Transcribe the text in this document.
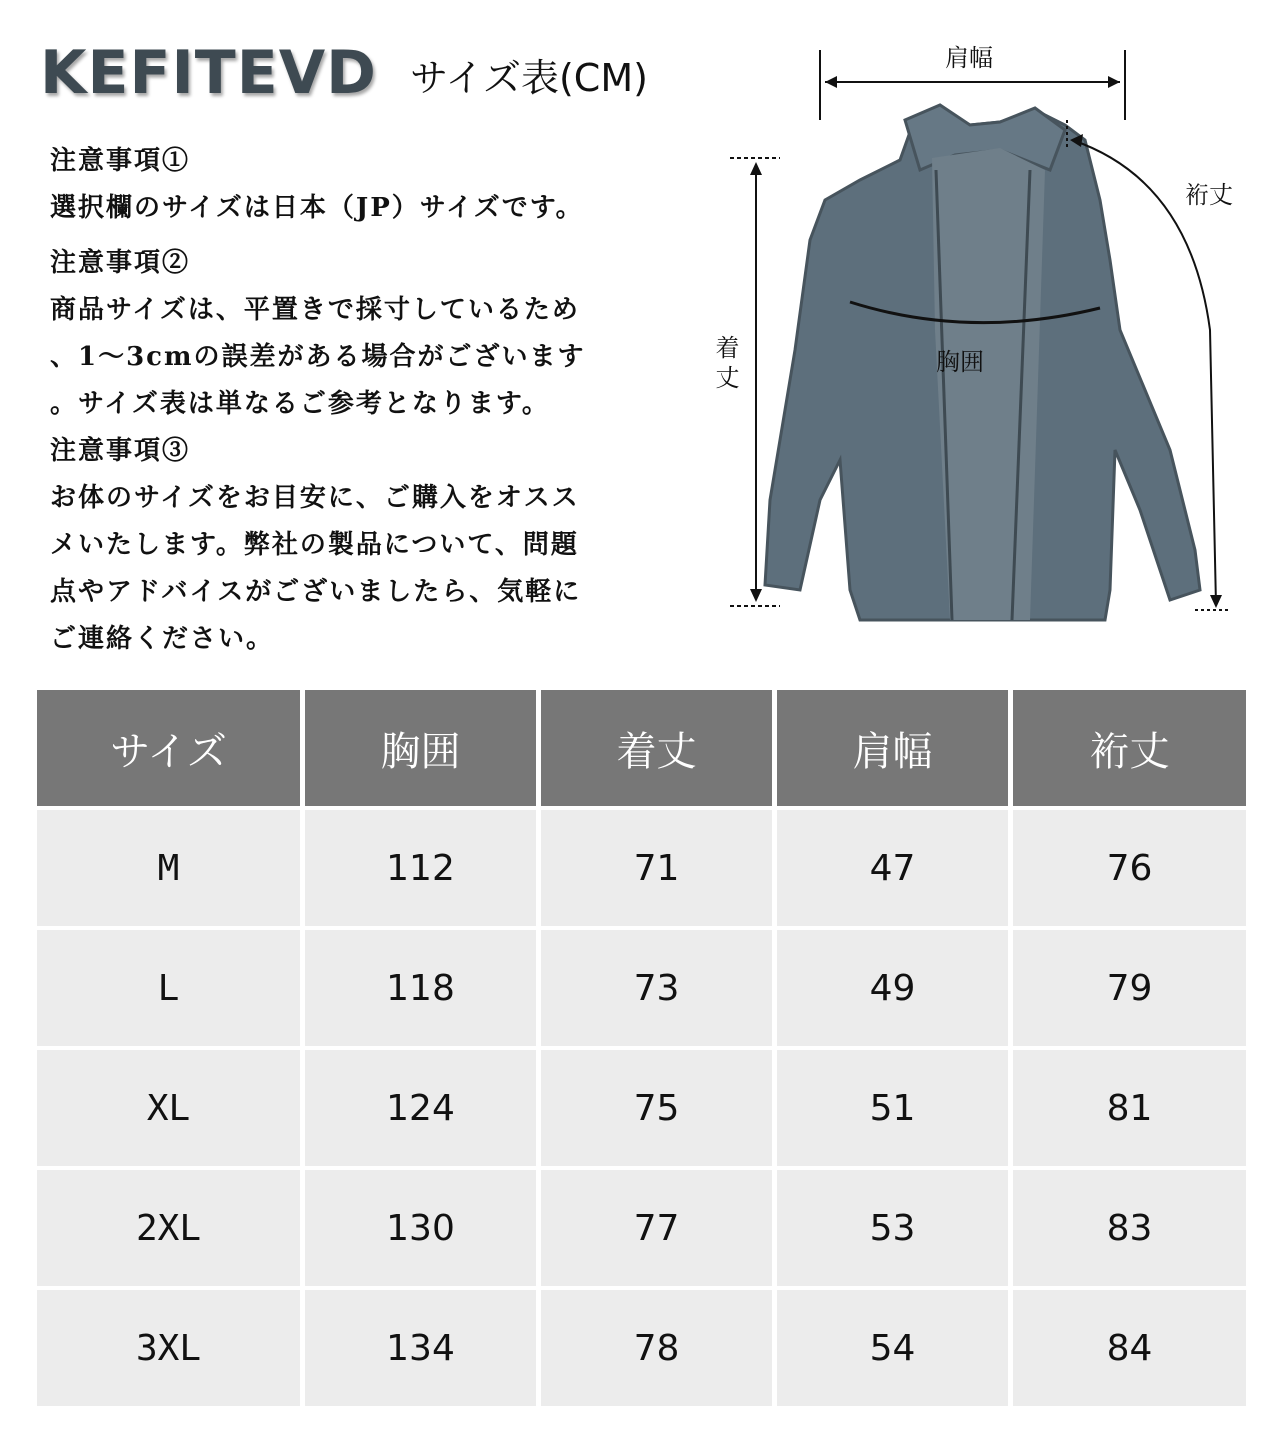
KEFITEVD サイズ表(CM)

注意事項①

選択欄のサイズは日本（JP）サイズです。

注意事項②

商品サイズは、平置きで採寸しているため

、1～3cmの誤差がある場合がございます

。サイズ表は単なるご参考となります。

注意事項③

お体のサイズをお目安に、ご購入をオスス

メいたします。弊社の製品について、問題

点やアドバイスがございましたら、気軽に

ご連絡ください。

肩幅
裄丈
着丈	胸囲
サイズ	胸囲	着丈	肩幅	裄丈
M	112	71	47	76
L	118	73	49	79
XL	124	75	51	81
2XL	130	77	53	83
3XL	134	78	54	84
